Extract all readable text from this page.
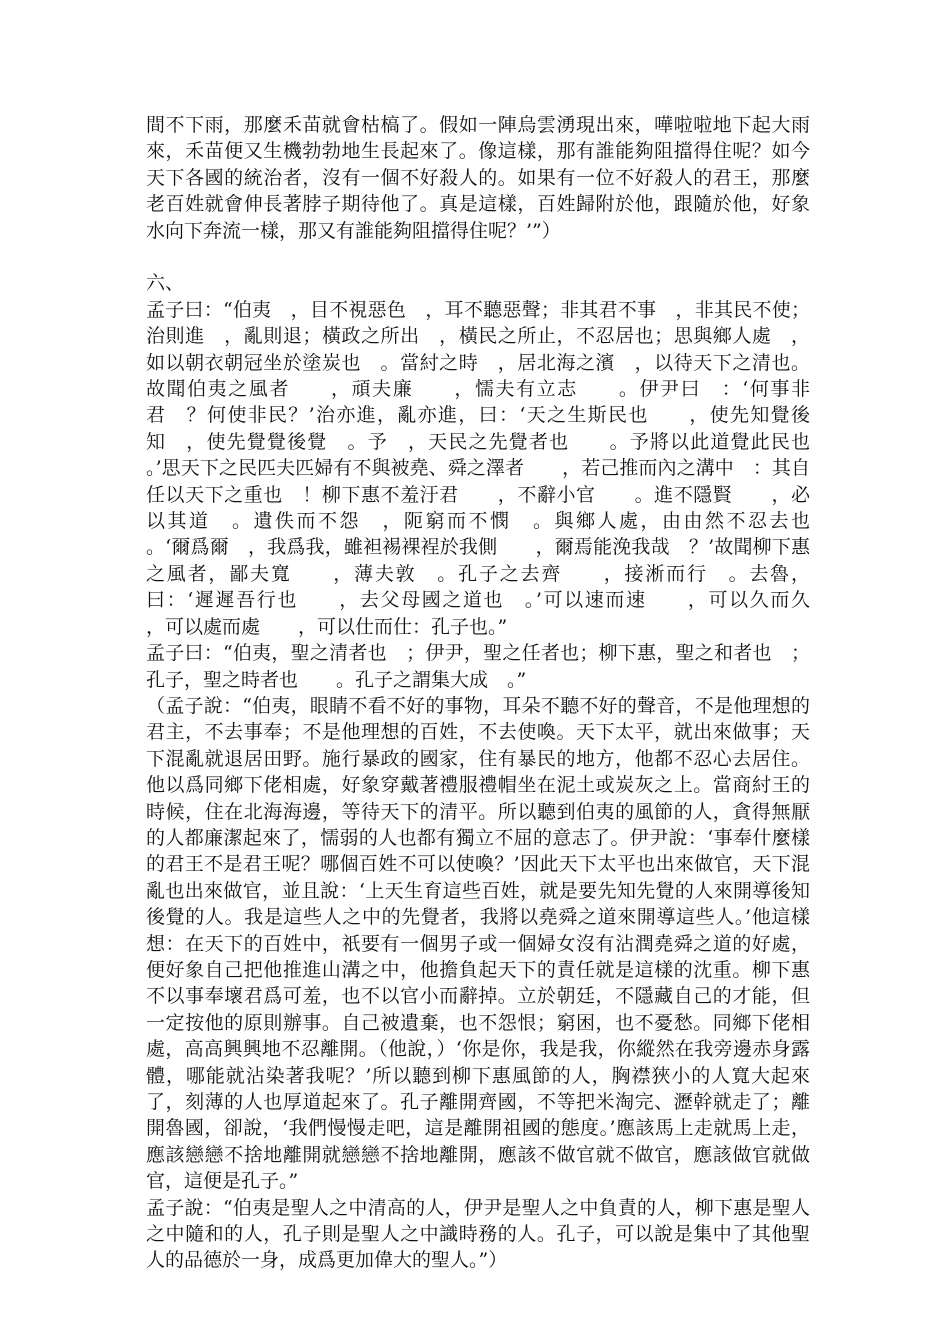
間不下雨，那麼禾苗就會枯槁了。假如一陣烏雲湧現出來，嘩啦啦地下起大雨來，禾苗便又生機勃勃地生長起來了。像這樣，那有誰能夠阻擋得住呢？如今天下各國的統治者，沒有一個不好殺人的。如果有一位不好殺人的君王，那麼老百姓就會伸長著脖子期待他了。真是這樣，百姓歸附於他，跟隨於他，好象水向下奔流一樣，那又有誰能夠阻擋得住呢？’”）

六、

孟子曰：“伯夷　，目不視惡色　，耳不聽惡聲；非其君不事　，非其民不使；治則進　，亂則退；橫政之所出　，橫民之所止，不忍居也；思與鄉人處　，如以朝衣朝冠坐於塗炭也　。當紂之時　，居北海之濱　，以待天下之清也。故聞伯夷之風者　　，頑夫廉　　，懦夫有立志　　。伊尹曰　：‘何事非君　？何使非民？’治亦進，亂亦進，曰：‘天之生斯民也　　，使先知覺後知　，使先覺覺後覺　。予　，天民之先覺者也　　。予將以此道覺此民也　　。’思天下之民匹夫匹婦有不與被堯、舜之澤者　　，若己推而內之溝中　：其自任以天下之重也　！柳下惠不羞汙君　　，不辭小官　　。進不隱賢　　，必以其道　。遺佚而不怨　，阨窮而不憫　。與鄉人處，由由然不忍去也　　。‘爾爲爾　，我爲我，雖袒裼裸裎於我側　　，爾焉能浼我哉　？’故聞柳下惠之風者，鄙夫寬　　，薄夫敦　。孔子之去齊　　，接淅而行　。去魯，曰：‘遲遲吾行也　　，去父母國之道也　。’可以速而速　　，可以久而久　　，可以處而處　　，可以仕而仕：孔子也。”

孟子曰：“伯夷，聖之清者也　；伊尹，聖之任者也；柳下惠，聖之和者也　；孔子，聖之時者也　　。孔子之謂集大成　。”

（孟子說：“伯夷，眼睛不看不好的事物，耳朵不聽不好的聲音，不是他理想的君主，不去事奉；不是他理想的百姓，不去使喚。天下太平，就出來做事；天下混亂就退居田野。施行暴政的國家，住有暴民的地方，他都不忍心去居住。他以爲同鄉下佬相處，好象穿戴著禮服禮帽坐在泥土或炭灰之上。當商紂王的時候，住在北海海邊，等待天下的清平。所以聽到伯夷的風節的人，貪得無厭的人都廉潔起來了，懦弱的人也都有獨立不屈的意志了。伊尹說：‘事奉什麼樣的君王不是君王呢？哪個百姓不可以使喚？’因此天下太平也出來做官，天下混亂也出來做官，並且說：‘上天生育這些百姓，就是要先知先覺的人來開導後知後覺的人。我是這些人之中的先覺者，我將以堯舜之道來開導這些人。’他這樣想：在天下的百姓中，祇要有一個男子或一個婦女沒有沾潤堯舜之道的好處，便好象自己把他推進山溝之中，他擔負起天下的責任就是這樣的沈重。柳下惠不以事奉壞君爲可羞，也不以官小而辭掉。立於朝廷，不隱藏自己的才能，但一定按他的原則辦事。自己被遺棄，也不怨恨；窮困，也不憂愁。同鄉下佬相處，高高興興地不忍離開。（他說，）‘你是你，我是我，你縱然在我旁邊赤身露體，哪能就沾染著我呢？’所以聽到柳下惠風節的人，胸襟狹小的人寬大起來了，刻薄的人也厚道起來了。孔子離開齊國，不等把米淘完、瀝幹就走了；離開魯國，卻說，‘我們慢慢走吧，這是離開祖國的態度。’應該馬上走就馬上走，應該戀戀不捨地離開就戀戀不捨地離開，應該不做官就不做官，應該做官就做官，這便是孔子。”

孟子說：“伯夷是聖人之中清高的人，伊尹是聖人之中負責的人，柳下惠是聖人之中隨和的人，孔子則是聖人之中識時務的人。孔子，可以說是集中了其他聖人的品德於一身，成爲更加偉大的聖人。”）
